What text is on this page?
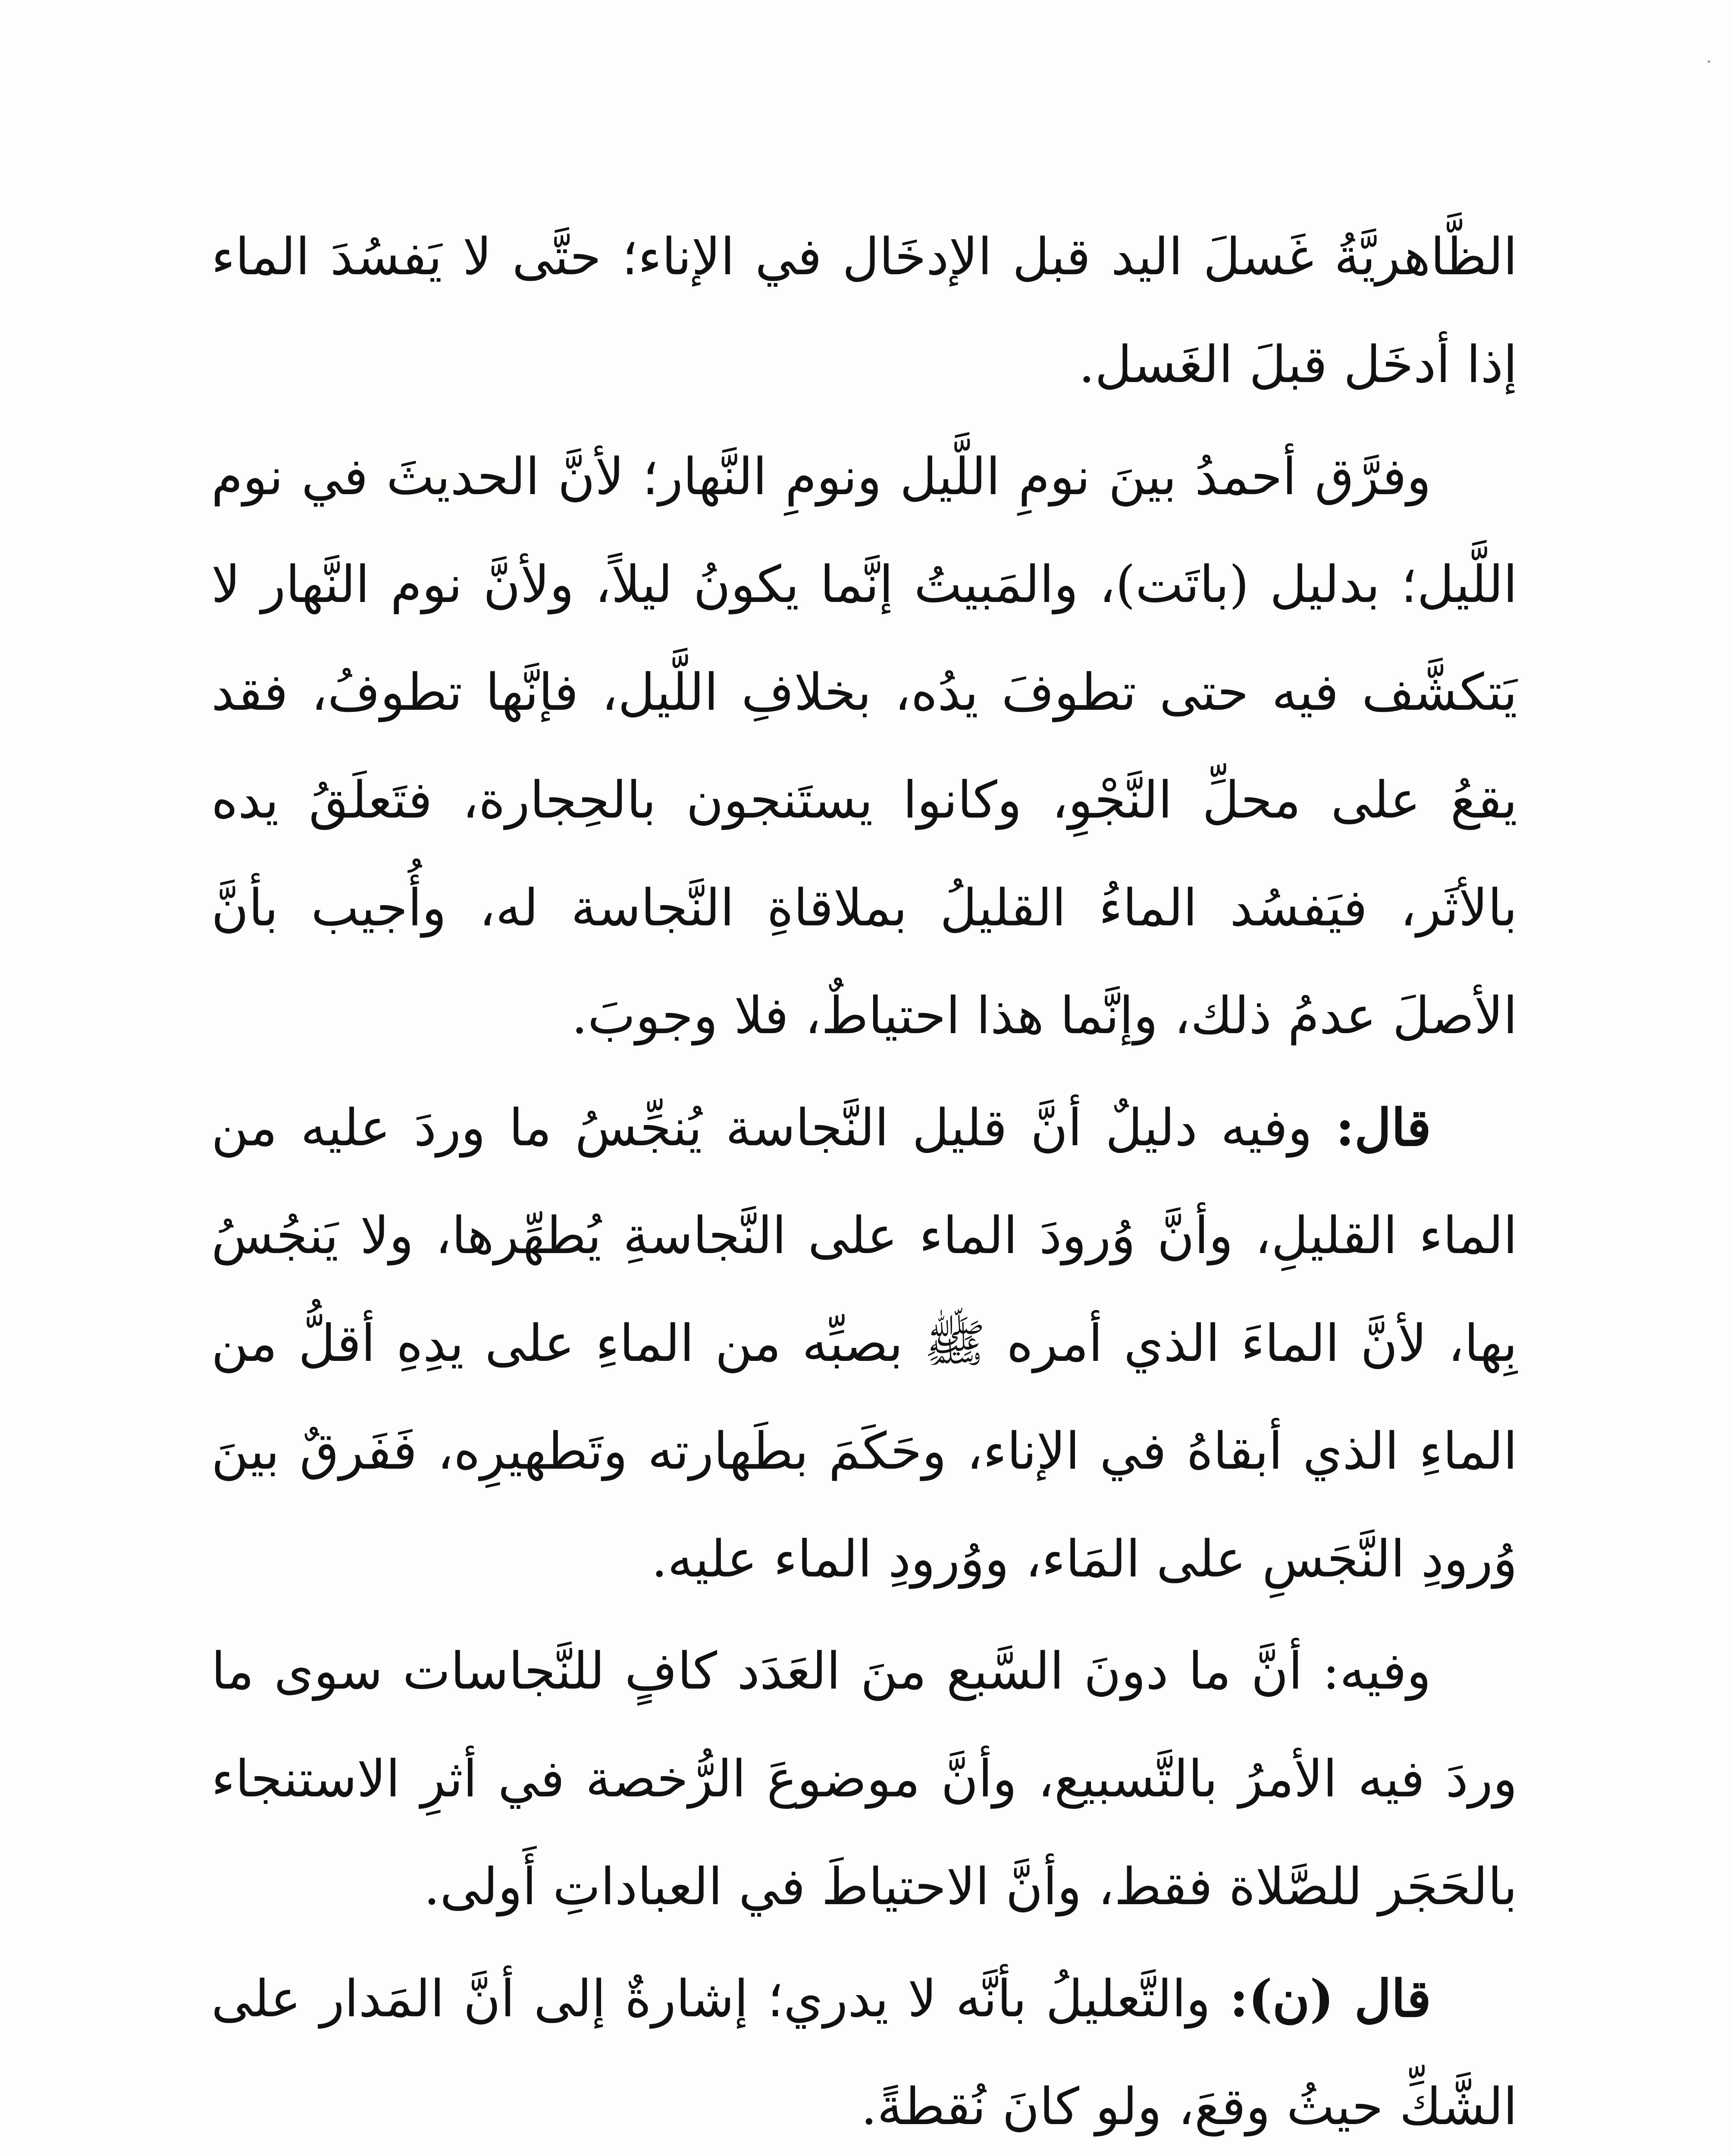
الظَّاهريَّةُ غَسلَ اليد قبل الإدخَال في الإناء؛ حتَّى لا يَفسُدَ الماء إذا أدخَل قبلَ الغَسل.

وفرَّق أحمدُ بينَ نومِ اللَّيل ونومِ النَّهار؛ لأنَّ الحديثَ في نوم اللَّيل؛ بدليل (باتَت)، والمَبيتُ إنَّما يكونُ ليلاً، ولأنَّ نوم النَّهار لا يَتكشَّف فيه حتى تطوفَ يدُه، بخلافِ اللَّيل، فإنَّها تطوفُ، فقد يقعُ على محلِّ النَّجْوِ، وكانوا يستَنجون بالحِجارة، فتَعلَقُ يده بالأثَر، فيَفسُد الماءُ القليلُ بملاقاةِ النَّجاسة له، وأُجيب بأنَّ الأصلَ عدمُ ذلك، وإنَّما هذا احتياطٌ، فلا وجوبَ.

قال: وفيه دليلٌ أنَّ قليل النَّجاسة يُنجِّسُ ما وردَ عليه من الماء القليلِ، وأنَّ وُرودَ الماء على النَّجاسةِ يُطهِّرها، ولا يَنجُسُ بِها، لأنَّ الماءَ الذي أمره ﷺ بصبِّه من الماءِ على يدِهِ أقلُّ من الماءِ الذي أبقاهُ في الإناء، وحَكَمَ بطَهارته وتَطهيرِه، فَفَرقٌ بينَ وُرودِ النَّجَسِ على المَاء، ووُرودِ الماء عليه.

وفيه: أنَّ ما دونَ السَّبع منَ العَدَد كافٍ للنَّجاسات سوى ما وردَ فيه الأمرُ بالتَّسبيع، وأنَّ موضوعَ الرُّخصة في أثرِ الاستنجاء بالحَجَر للصَّلاة فقط، وأنَّ الاحتياطَ في العباداتِ أَولى.

قال (ن): والتَّعليلُ بأنَّه لا يدري؛ إشارةٌ إلى أنَّ المَدار على الشَّكِّ حيثُ وقعَ، ولو كانَ نُقطةً.
